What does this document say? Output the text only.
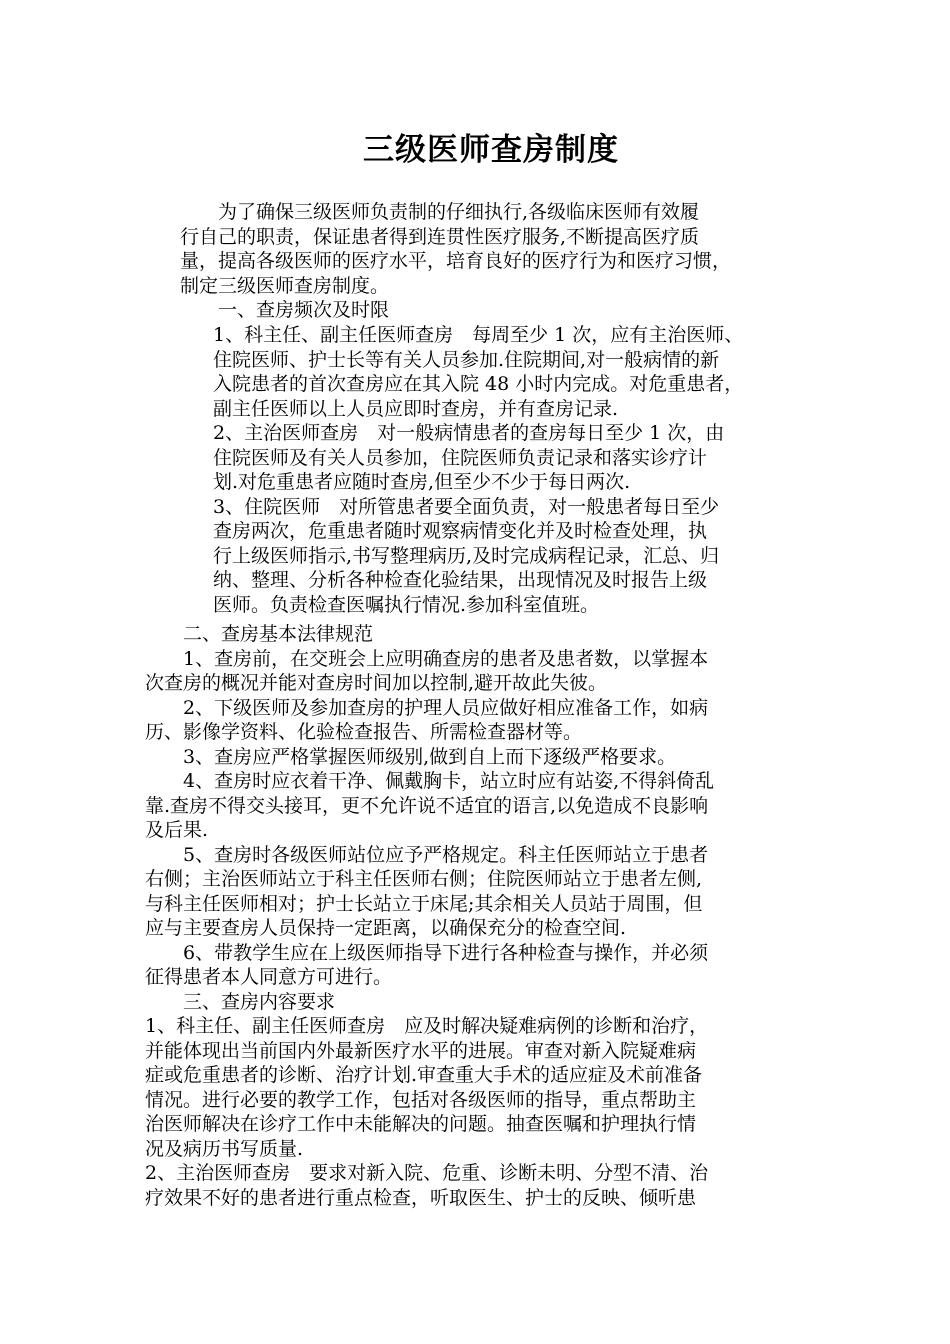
三级医师查房制度
　　为了确保三级医师负责制的仔细执行,各级临床医师有效履
行自己的职责，保证患者得到连贯性医疗服务,不断提高医疗质
量，提高各级医师的医疗水平，培育良好的医疗行为和医疗习惯，
制定三级医师查房制度。
　　一、查房频次及时限
1、科主任、副主任医师查房　每周至少 1 次，应有主治医师、
住院医师、护士长等有关人员参加.住院期间,对一般病情的新
入院患者的首次查房应在其入院 48 小时内完成。对危重患者，
副主任医师以上人员应即时查房，并有查房记录.
2、主治医师查房　对一般病情患者的查房每日至少 1 次，由
住院医师及有关人员参加，住院医师负责记录和落实诊疗计
划.对危重患者应随时查房,但至少不少于每日两次.
3、住院医师　对所管患者要全面负责，对一般患者每日至少
查房两次，危重患者随时观察病情变化并及时检查处理，执
行上级医师指示,书写整理病历,及时完成病程记录，汇总、归
纳、整理、分析各种检查化验结果，出现情况及时报告上级
医师。负责检查医嘱执行情况.参加科室值班。
　　二、查房基本法律规范
　　1、查房前，在交班会上应明确查房的患者及患者数，以掌握本
次查房的概况并能对查房时间加以控制,避开故此失彼。
　　2、下级医师及参加查房的护理人员应做好相应准备工作，如病
历、影像学资料、化验检查报告、所需检查器材等。
　　3、查房应严格掌握医师级别,做到自上而下逐级严格要求。
　　4、查房时应衣着干净、佩戴胸卡，站立时应有站姿,不得斜倚乱
靠.查房不得交头接耳，更不允许说不适宜的语言,以免造成不良影响
及后果.
　　5、查房时各级医师站位应予严格规定。科主任医师站立于患者
右侧；主治医师站立于科主任医师右侧；住院医师站立于患者左侧,
与科主任医师相对；护士长站立于床尾;其余相关人员站于周围，但
应与主要查房人员保持一定距离，以确保充分的检查空间.
　　6、带教学生应在上级医师指导下进行各种检查与操作，并必须
征得患者本人同意方可进行。
　　三、查房内容要求
1、科主任、副主任医师查房　应及时解决疑难病例的诊断和治疗，
并能体现出当前国内外最新医疗水平的进展。审查对新入院疑难病
症或危重患者的诊断、治疗计划.审查重大手术的适应症及术前准备
情况。进行必要的教学工作，包括对各级医师的指导，重点帮助主
治医师解决在诊疗工作中未能解决的问题。抽查医嘱和护理执行情
况及病历书写质量.
2、主治医师查房　要求对新入院、危重、诊断未明、分型不清、治
疗效果不好的患者进行重点检查，听取医生、护士的反映、倾听患
